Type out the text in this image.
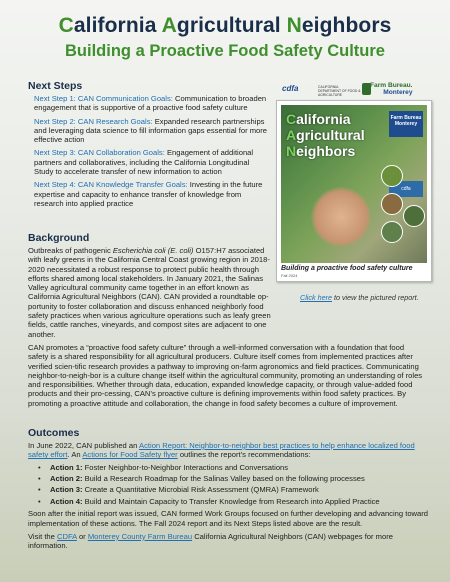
California Agricultural Neighbors
Building a Proactive Food Safety Culture
Next Steps

Next Step 1: CAN Communication Goals: Communication to broaden engagement that is supportive of a proactive food safety culture

Next Step 2: CAN Research Goals: Expanded research partnerships and leveraging data science to fill information gaps essential for more effective action

Next Step 3: CAN Collaboration Goals: Engagement of additional partners and collaboratives, including the California Longitudinal Study to accelerate transfer of new information to action

Next Step 4: CAN Knowledge Transfer Goals: Investing in the future expertise and capacity to enhance transfer of knowledge from research into applied practice

cdfa	CALIFORNIA DEPARTMENT OF FOOD & AGRICULTURE
Farm Bureau.
Monterey
California
Agricultural
Neighbors
Farm Bureau Monterey
cdfa
Building a proactive food safety culture
Fall 2024
Click here to view the pictured report.
Background

Outbreaks of pathogenic Escherichia coli (E. coli) O157:H7 associated with leafy greens in the California Central Coast growing region in 2018-2020 necessitated a robust response to protect public health through efforts shared among local stakeholders. In January 2021, the Salinas Valley agricultural community came together in an effort known as California Agricultural Neighbors (CAN). CAN provided a roundtable op-portunity to foster collaboration and discuss enhanced neighborly food safety practices when various agriculture operations such as leafy green fields, cattle ranches, vineyards, and compost sites are adjacent to one another.

CAN promotes a “proactive food safety culture” through a well-informed conversation with a foundation that food safety is a shared responsibility for all agricultural producers. Culture itself comes from implemented practices after verified scien-tific research provides a pathway to improving on-farm agronomics and field practices. Communicating neighbor-to-neigh-bor is a culture change itself within the agricultural community, promoting an understanding of roles and responsibilities. Whether through data, education, expanded knowledge capacity, or through value-added food products and their pro-cessing, CAN’s proactive culture is defining improvements within food safety practices. By promoting a proactive attitude and collaboration, the change in food safety becomes a culture of improvement.

Outcomes

In June 2022, CAN published an Action Report: Neighbor-to-neighbor best practices to help enhance localized food safety effort. An Actions for Food Safety flyer outlines the report’s recommendations:

• Action 1: Foster Neighbor-to-Neighbor Interactions and Conversations
• Action 2: Build a Research Roadmap for the Salinas Valley based on the following processes
• Action 3: Create a Quantitative Microbial Risk Assessment (QMRA) Framework
• Action 4: Build and Maintain Capacity to Transfer Knowledge from Research into Applied Practice

Soon after the initial report was issued, CAN formed Work Groups focused on further developing and advancing toward implementation of these actions. The Fall 2024 report and its Next Steps listed above are the result.

Visit the CDFA or Monterey County Farm Bureau California Agricultural Neighbors (CAN) webpages for more information.
